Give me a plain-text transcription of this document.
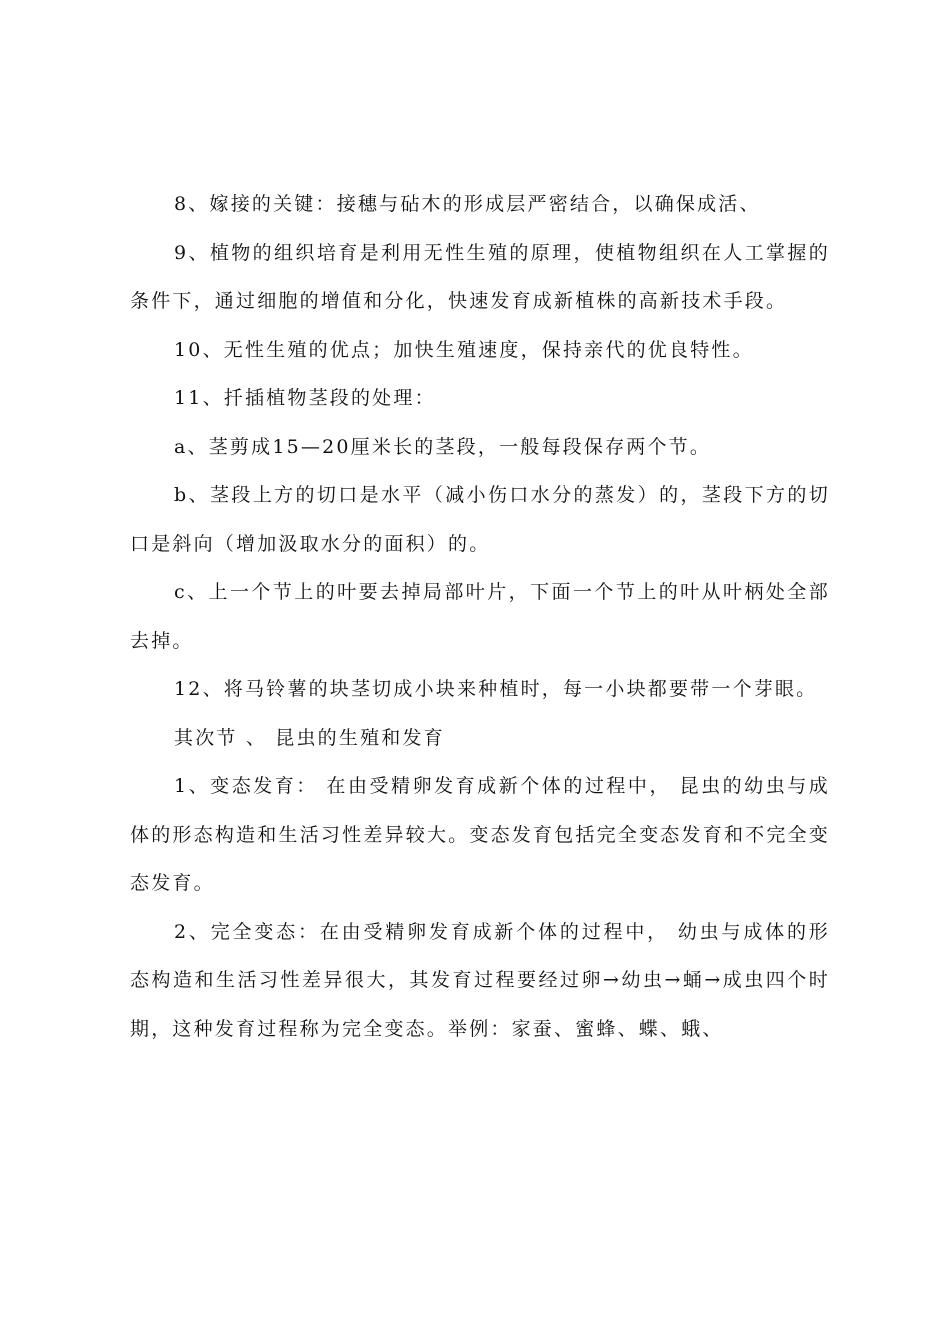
8、嫁接的关键：接穗与砧木的形成层严密结合，以确保成活、

9、植物的组织培育是利用无性生殖的原理，使植物组织在人工掌握的条件下，通过细胞的增值和分化，快速发育成新植株的高新技术手段。

10、无性生殖的优点；加快生殖速度，保持亲代的优良特性。

11、扦插植物茎段的处理：

a、茎剪成15—20厘米长的茎段，一般每段保存两个节。

b、茎段上方的切口是水平（减小伤口水分的蒸发）的，茎段下方的切口是斜向（增加汲取水分的面积）的。

c、上一个节上的叶要去掉局部叶片，下面一个节上的叶从叶柄处全部去掉。

12、将马铃薯的块茎切成小块来种植时，每一小块都要带一个芽眼。

其次节 、 昆虫的生殖和发育

1、变态发育： 在由受精卵发育成新个体的过程中， 昆虫的幼虫与成体的形态构造和生活习性差异较大。变态发育包括完全变态发育和不完全变态发育。

2、完全变态：在由受精卵发育成新个体的过程中， 幼虫与成体的形态构造和生活习性差异很大，其发育过程要经过卵→幼虫→蛹→成虫四个时期，这种发育过程称为完全变态。举例：家蚕、蜜蜂、蝶、蛾、
